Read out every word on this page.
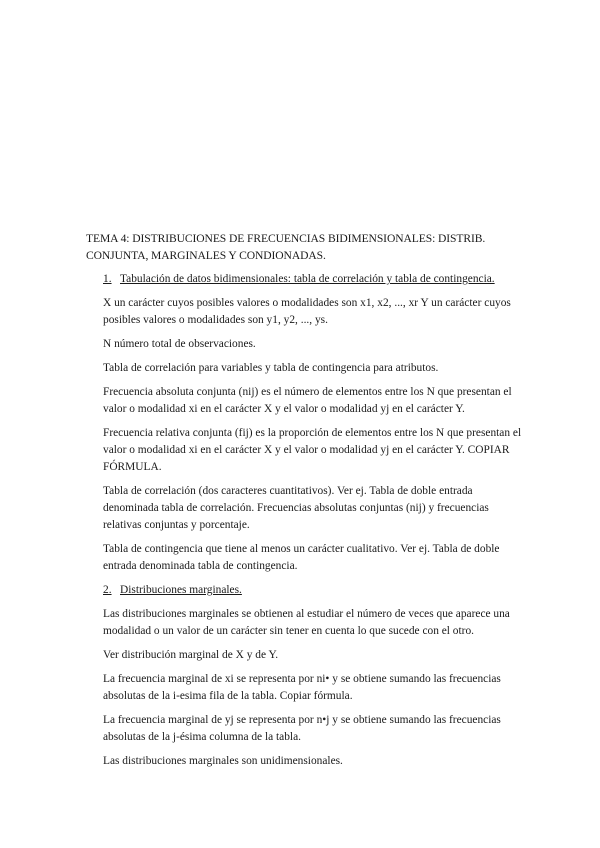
TEMA 4: DISTRIBUCIONES DE FRECUENCIAS BIDIMENSIONALES: DISTRIB. CONJUNTA, MARGINALES Y CONDIONADAS.
1. Tabulación de datos bidimensionales: tabla de correlación y tabla de contingencia.

X un carácter cuyos posibles valores o modalidades son x1, x2, ..., xr Y un carácter cuyos posibles valores o modalidades son y1, y2, ..., ys.

N número total de observaciones.

Tabla de correlación para variables y tabla de contingencia para atributos.

Frecuencia absoluta conjunta (nij) es el número de elementos entre los N que presentan el valor o modalidad xi en el carácter X y el valor o modalidad yj en el carácter Y.

Frecuencia relativa conjunta (fij) es la proporción de elementos entre los N que presentan el valor o modalidad xi en el carácter X y el valor o modalidad yj en el carácter Y. COPIAR FÓRMULA.

Tabla de correlación (dos caracteres cuantitativos). Ver ej. Tabla de doble entrada denominada tabla de correlación. Frecuencias absolutas conjuntas (nij) y frecuencias relativas conjuntas y porcentaje.

Tabla de contingencia que tiene al menos un carácter cualitativo. Ver ej. Tabla de doble entrada denominada tabla de contingencia.

2. Distribuciones marginales.

Las distribuciones marginales se obtienen al estudiar el número de veces que aparece una modalidad o un valor de un carácter sin tener en cuenta lo que sucede con el otro.

Ver distribución marginal de X y de Y.

La frecuencia marginal de xi se representa por ni• y se obtiene sumando las frecuencias absolutas de la i-esima fila de la tabla. Copiar fórmula.

La frecuencia marginal de yj se representa por n•j y se obtiene sumando las frecuencias absolutas de la j-ésima columna de la tabla.

Las distribuciones marginales son unidimensionales.
